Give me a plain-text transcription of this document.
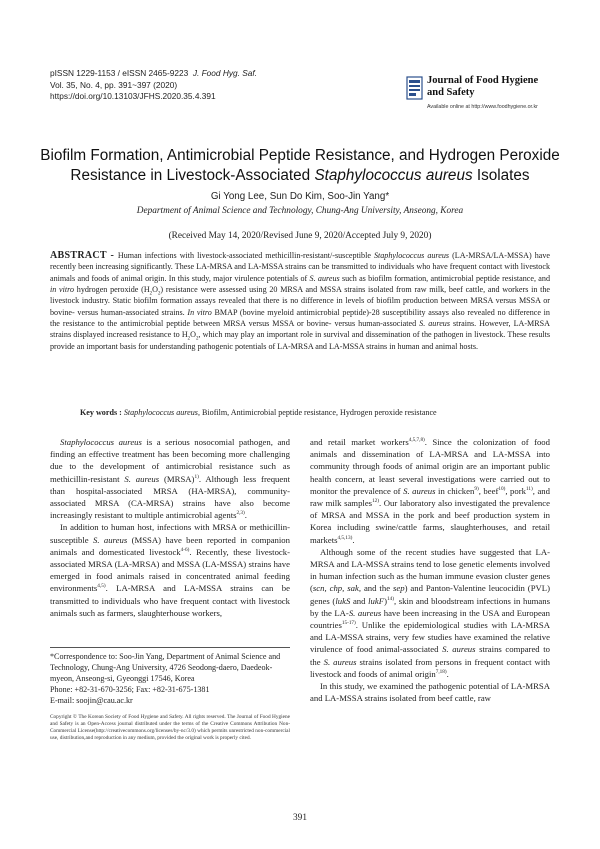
pISSN 1229-1153 / eISSN 2465-9223 J. Food Hyg. Saf.
Vol. 35, No. 4, pp. 391~397 (2020)
https://doi.org/10.13103/JFHS.2020.35.4.391
Journal of Food Hygiene
and Safety
Available online at http://www.foodhygiene.or.kr
Biofilm Formation, Antimicrobial Peptide Resistance, and Hydrogen Peroxide
Resistance in Livestock-Associated Staphylococcus aureus Isolates
Gi Yong Lee, Sun Do Kim, Soo-Jin Yang*
Department of Animal Science and Technology, Chung-Ang University, Anseong, Korea
(Received May 14, 2020/Revised June 9, 2020/Accepted July 9, 2020)
ABSTRACT - Human infections with livestock-associated methicillin-resistant/-susceptible Staphylococcus aureus (LA-MRSA/LA-MSSA) have recently been increasing significantly. These LA-MRSA and LA-MSSA strains can be transmitted to individuals who have frequent contact with livestock animals and foods of animal origin. In this study, major virulence potentials of S. aureus such as biofilm formation, antimicrobial peptide resistance, and in vitro hydrogen peroxide $(H_2O_2)$ resistance were assessed using 20 MRSA and MSSA strains isolated from raw milk, beef cattle, and workers in the livestock industry. Static biofilm formation assays revealed that there is no difference in levels of biofilm production between MRSA versus MSSA or bovine- versus human-associated strains. In vitro BMAP (bovine myeloid antimicrobial peptide)-28 susceptibility assays also revealed no difference in the resistance to the antimicrobial peptide between MRSA versus MSSA or bovine- versus human-associated S. aureus strains. However, LA-MRSA strains displayed increased resistance to $H_2O_2$, which may play an important role in survival and dissemination of the pathogen in livestock. These results provide an important basis for understanding pathogenic potentials of LA-MRSA and LA-MSSA strains in human and animal hosts.
Key words : Staphylococcus aureus, Biofilm, Antimicrobial peptide resistance, Hydrogen peroxide resistance

Staphylococcus aureus is a serious nosocomial pathogen, and finding an effective treatment has been becoming more challenging due to the development of antimicrobial resistance such as methicillin-resistant S. aureus (MRSA)$^{1)}$. Although less frequent than hospital-associated MRSA (HA-MRSA), community-associated MRSA (CA-MRSA) strains have also become increasingly resistant to multiple antimicrobial agents$^{2,3)}$.

In addition to human host, infections with MRSA or methicillin-susceptible S. aureus (MSSA) have been reported in companion animals and domesticated livestock$^{4-6)}$. Recently, these livestock-associated MRSA (LA-MRSA) and MSSA (LA-MSSA) strains have emerged in food animals raised in concentrated animal feeding environments$^{4,5)}$. LA-MRSA and LA-MSSA strains can be transmitted to individuals who have frequent contact with livestock animals such as farmers, slaughterhouse workers,

*Correspondence to: Soo-Jin Yang, Department of Animal Science and Technology, Chung-Ang University, 4726 Seodong-daero, Daedeok-myeon, Anseong-si, Gyeonggi 17546, Korea

Phone: +82-31-670-3256; Fax: +82-31-675-1381

E-mail: soojin@cau.ac.kr

Copyright © The Korean Society of Food Hygiene and Safety. All rights reserved. The Journal of Food Hygiene and Safety is an Open-Access journal distributed under the terms of the Creative Commons Attribution Non-Commercial License(http://creativecommons.org/licenses/by-nc/3.0) which permits unrestricted non-commercial use, distribution,and reproduction in any medium, provided the original work is properly cited.

and retail market workers$^{4,5,7,8)}$. Since the colonization of food animals and dissemination of LA-MRSA and LA-MSSA into community through foods of animal origin are an important public health concern, at least several investigations were carried out to monitor the prevalence of S. aureus in chicken$^{9)}$, beef$^{10)}$, pork$^{11)}$, and raw milk samples$^{12)}$. Our laboratory also investigated the prevalence of MRSA and MSSA in the pork and beef production system in Korea including swine/cattle farms, slaughterhouses, and retail markets$^{4,5,13)}$.

Although some of the recent studies have suggested that LA-MRSA and LA-MSSA strains tend to lose genetic elements involved in human infection such as the human immune evasion cluster genes (scn, chp, sak, and the sep) and Panton-Valentine leucocidin (PVL) genes (lukS and lukF)$^{14)}$, skin and bloodstream infections in humans by the LA-S. aureus have been increasing in the USA and European countries$^{15-17)}$. Unlike the epidemiological studies with LA-MRSA and LA-MSSA strains, very few studies have examined the relative virulence of food animal-associated S. aureus strains compared to the S. aureus strains isolated from persons in frequent contact with livestock and foods of animal origin$^{7,18)}$.

In this study, we examined the pathogenic potential of LA-MRSA and LA-MSSA strains isolated from beef cattle, raw

391
